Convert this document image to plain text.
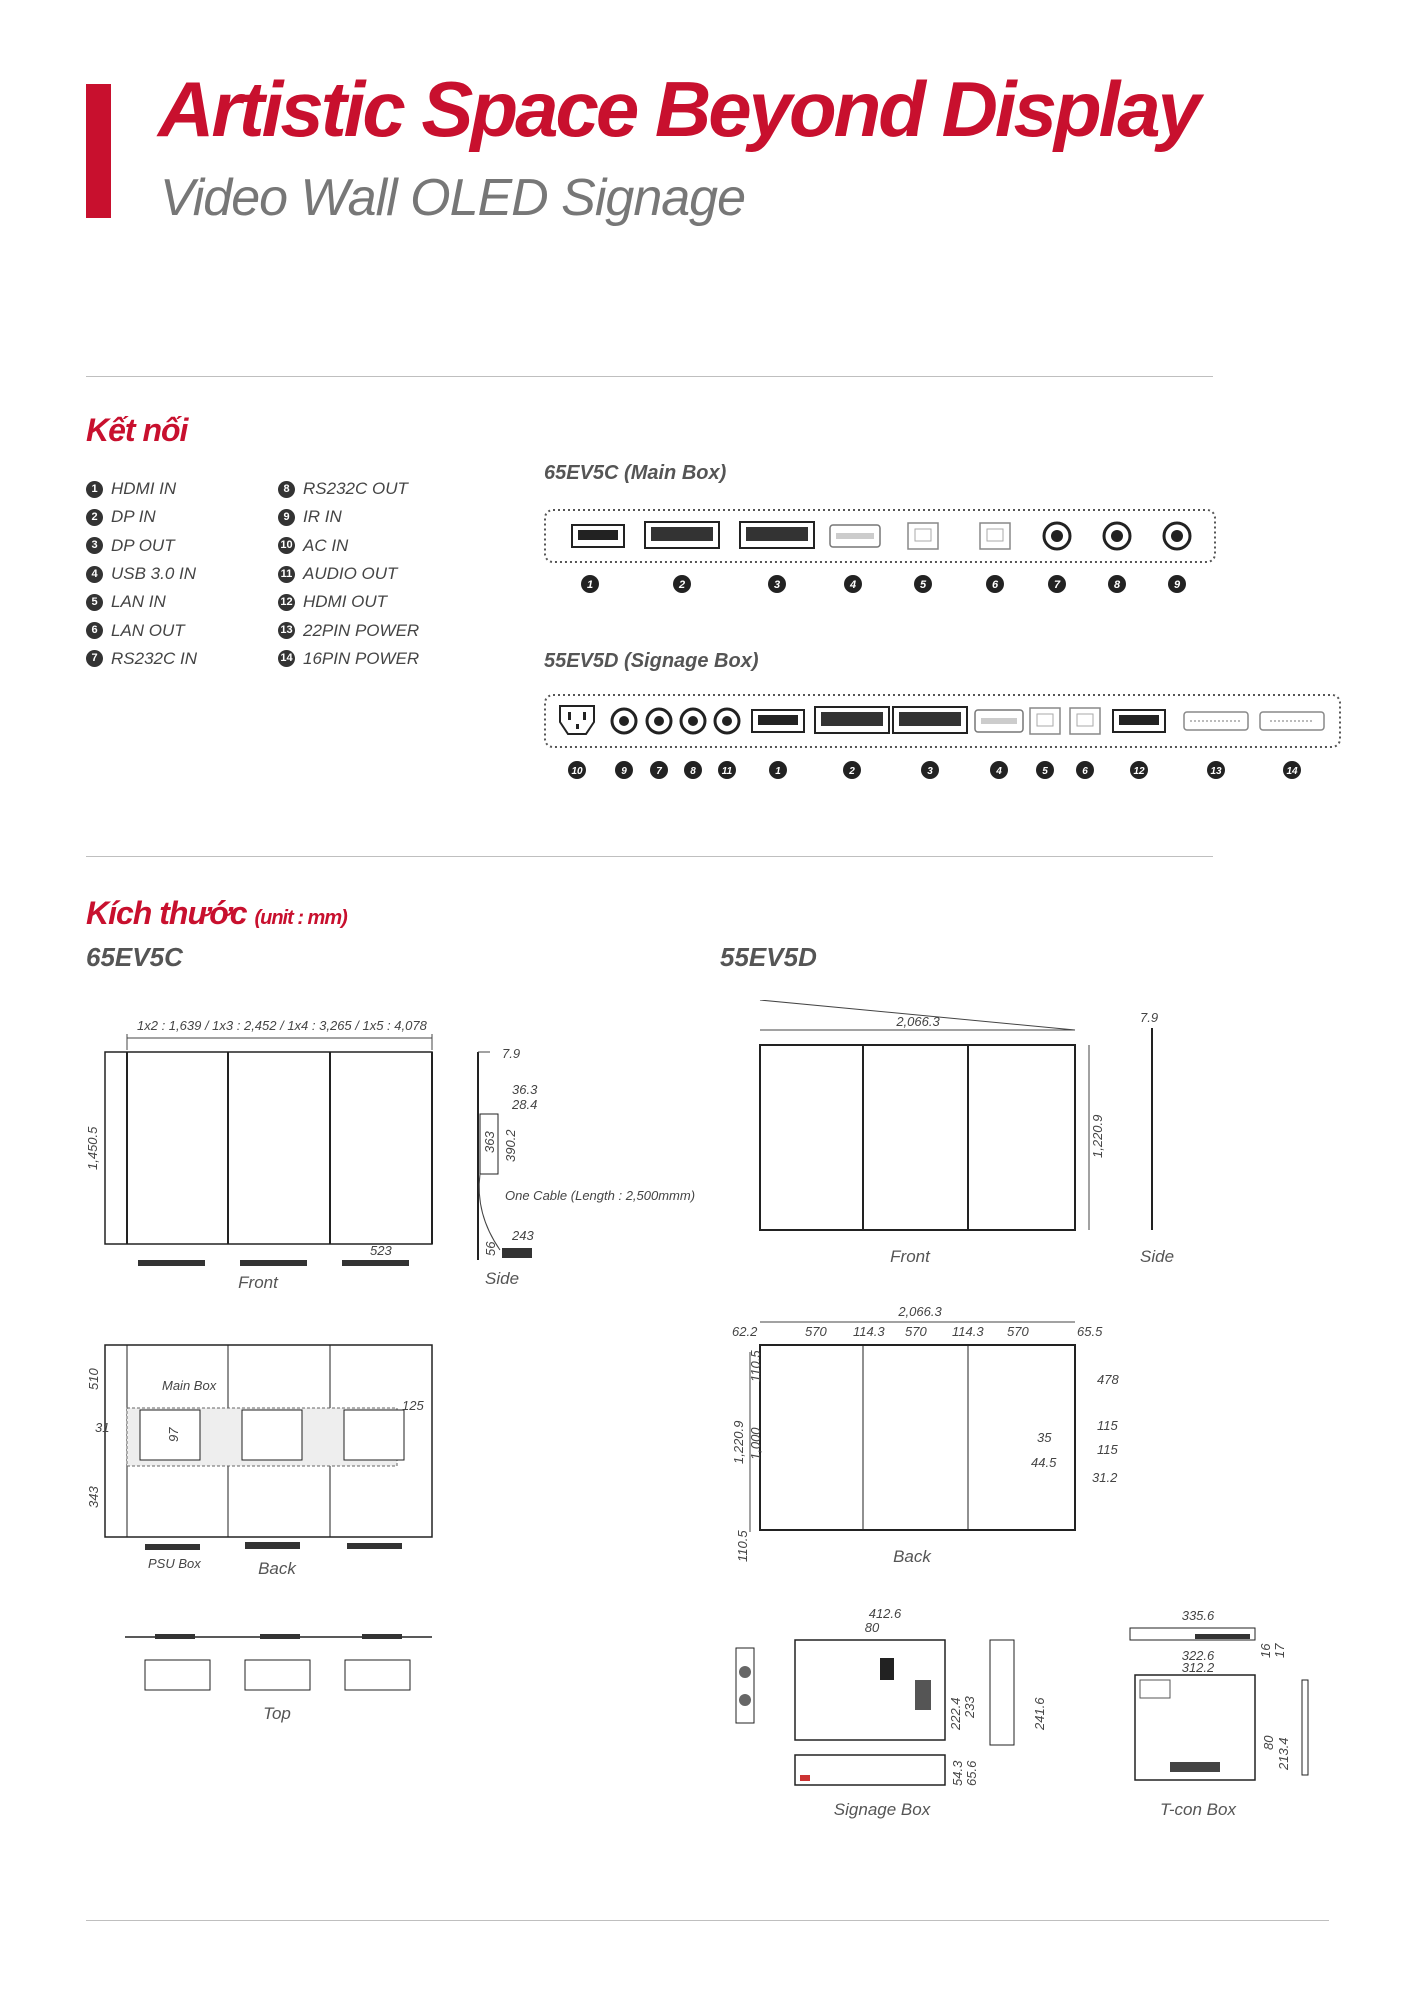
Artistic Space Beyond Display
Video Wall OLED Signage
Kết nối
1 HDMI IN
2 DP IN
3 DP OUT
4 USB 3.0 IN
5 LAN IN
6 LAN OUT
7 RS232C IN
8 RS232C OUT
9 IR IN
10 AC IN
11 AUDIO OUT
12 HDMI OUT
13 22PIN POWER
14 16PIN POWER
65EV5C (Main Box)
1	2	3	4	5	6	7	8	9
55EV5D (Signage Box)
10	9	7	8	11	1	2	3	4	5	6	12	13	14
Kích thước (unit : mm)
65EV5C	55EV5D
1x2 : 1,639 / 1x3 : 2,452 / 1x4 : 3,265 / 1x5 : 4,078
1,450.5
523
Front
7.9
36.3
28.4
363 390.2
One Cable (Length : 2,500mmm)
243
56
Side
Main Box
510
31
343
125
97
PSU Box	Back
Top
2,066.3
1,220.9
7.9
Front	Side
2,066.3
62.2	570 114.3 570 114.3 570	65.5
1,220.9 1,000
110.5
110.5
478
115
35
115
44.5
31.2
Back
412.6
80
222.4 233	241.6
54.3 65.6
Signage Box
335.6
16 17
322.6
312.2
80 213.4
T-con Box
